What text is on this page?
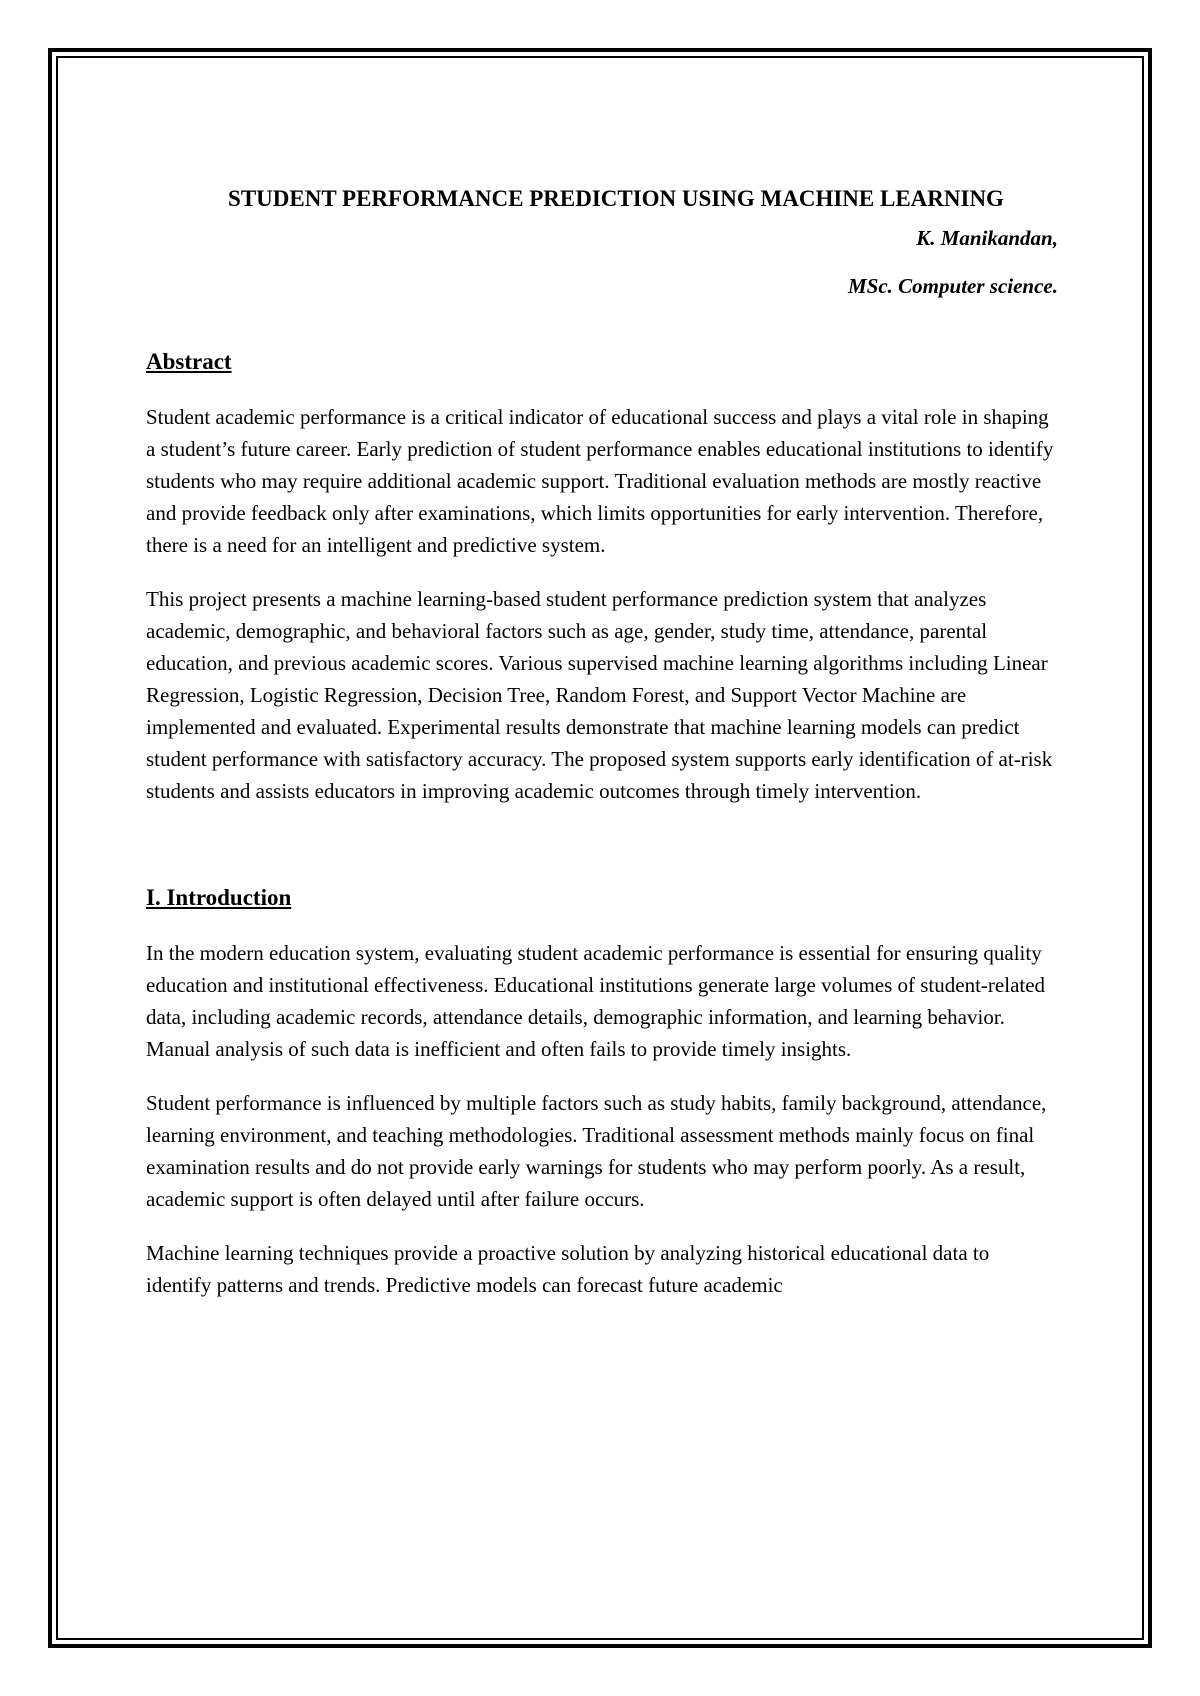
STUDENT PERFORMANCE PREDICTION USING MACHINE LEARNING
K. Manikandan,
MSc. Computer science.
Abstract

Student academic performance is a critical indicator of educational success and plays a vital role in shaping a student’s future career. Early prediction of student performance enables educational institutions to identify students who may require additional academic support. Traditional evaluation methods are mostly reactive and provide feedback only after examinations, which limits opportunities for early intervention. Therefore, there is a need for an intelligent and predictive system.

This project presents a machine learning-based student performance prediction system that analyzes academic, demographic, and behavioral factors such as age, gender, study time, attendance, parental education, and previous academic scores. Various supervised machine learning algorithms including Linear Regression, Logistic Regression, Decision Tree, Random Forest, and Support Vector Machine are implemented and evaluated. Experimental results demonstrate that machine learning models can predict student performance with satisfactory accuracy. The proposed system supports early identification of at-risk students and assists educators in improving academic outcomes through timely intervention.

I. Introduction

In the modern education system, evaluating student academic performance is essential for ensuring quality education and institutional effectiveness. Educational institutions generate large volumes of student-related data, including academic records, attendance details, demographic information, and learning behavior. Manual analysis of such data is inefficient and often fails to provide timely insights.

Student performance is influenced by multiple factors such as study habits, family background, attendance, learning environment, and teaching methodologies. Traditional assessment methods mainly focus on final examination results and do not provide early warnings for students who may perform poorly. As a result, academic support is often delayed until after failure occurs.

Machine learning techniques provide a proactive solution by analyzing historical educational data to identify patterns and trends. Predictive models can forecast future academic
